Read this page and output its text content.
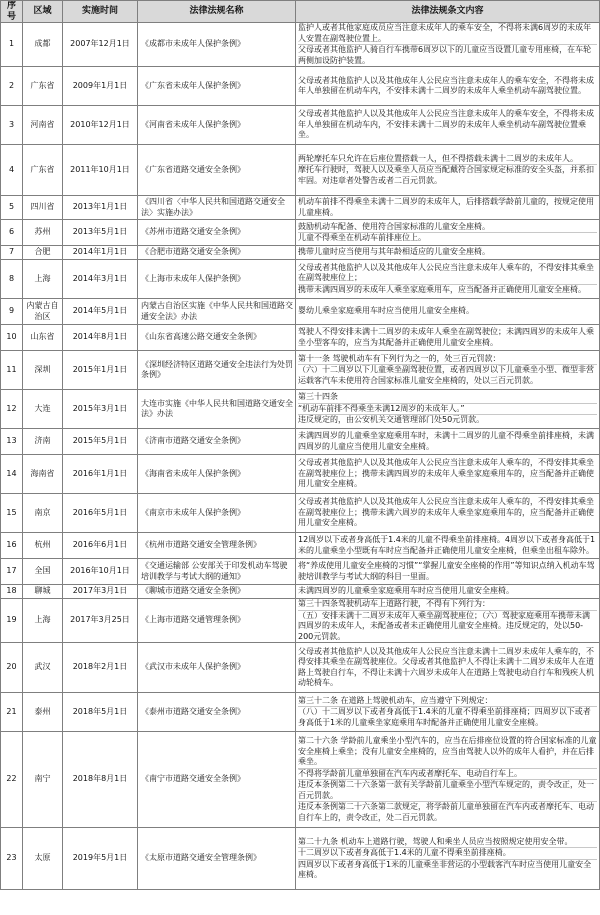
序号	区域	实施时间	法律法规名称	法律法规条文内容
1	成都	2007年12月1日	《成都市未成年人保护条例》	监护人或者其他家庭成员应当注意未成年人的乘车安全，不得将未满6周岁的未成年人安置在副驾驶位置上。
父母或者其他监护人骑自行车携带6周岁以下的儿童应当设置儿童专用座椅，在车轮两侧加设防护装置。

2	广东省	2009年1月1日	《广东省未成年人保护条例》	父母或者其他监护人以及其他成年人公民应当注意未成年人的乘车安全，不得将未成年人单独留在机动车内，不安排未满十二周岁的未成年人乘坐机动车副驾驶位置。

3	河南省	2010年12月1日	《河南省未成年人保护条例》	父母或者其他监护人以及其他成年人公民应当注意未成年人的乘车安全，不得将未成年人单独留在机动车内，不安排未满十二周岁的未成年人乘坐机动车副驾驶位置乘坐。

4	广东省	2011年10月1日	《广东省道路交通安全条例》	两轮摩托车只允许在后座位置搭载一人，但不得搭载未满十二周岁的未成年人。
摩托车行驶时，驾驶人以及乘坐人员应当配戴符合国家规定标准的安全头盔，并系扣牢固。对违章者处警告或者二百元罚款。

5	四川省	2013年1月1日	《四川省〈中华人民共和国道路交通安全法〉实施办法》	机动车前排不得乘坐未满十二周岁的未成年人，后排搭载学龄前儿童的，按规定使用儿童座椅。

6	苏州	2013年5月1日	《苏州市道路交通安全条例》	鼓励机动车配备、使用符合国家标准的儿童安全座椅。
儿童不得乘坐在机动车前排座位上。

7	合肥	2014年1月1日	《合肥市道路交通安全条例》	携带儿童时应当使用与其年龄相适应的儿童安全座椅。

8	上海	2014年3月1日	《上海市未成年人保护条例》	父母或者其他监护人以及其他成年人公民应当注意未成年人乘车的，不得安排其乘坐在副驾驶座位上；
携带未满四周岁的未成年人乘坐家庭乘用车，应当配备并正确使用儿童安全座椅。

9	内蒙古自治区	2014年5月1日	内蒙古自治区实施《中华人民共和国道路交通安全法》办法	婴幼儿乘坐家庭乘用车时应当使用儿童安全座椅。

10	山东省	2014年8月1日	《山东省高速公路交通安全条例》	驾驶人不得安排未满十二周岁的未成年人乘坐在副驾驶位；未满四周岁的未成年人乘坐小型客车的，应当为其配备并正确使用儿童安全座椅。

11	深圳	2015年1月1日	《深圳经济特区道路交通安全违法行为处罚条例》	第十一条 驾驶机动车有下列行为之一的，处三百元罚款：
（六）十二周岁以下儿童乘坐副驾驶位置，或者四周岁以下儿童乘坐小型、微型非营运载客汽车未使用符合国家标准儿童安全座椅的，处以三百元罚款。

12	大连	2015年3月1日	大连市实施《中华人民共和国道路交通安全法》办法	第三十四条
“机动车前排不得乘坐未满12周岁的未成年人。”
违反规定的，由公安机关交通管理部门处50元罚款。

13	济南	2015年5月1日	《济南市道路交通安全条例》	未满四周岁的儿童乘坐家庭乘用车时，未满十二周岁的儿童不得乘坐前排座椅，未满四周岁的儿童应当使用儿童安全座椅。

14	海南省	2016年1月1日	《海南省未成年人保护条例》	父母或者其他监护人以及其他成年人公民应当注意未成年人乘车的，不得安排其乘坐在副驾驶座位上；携带未满四周岁的未成年人乘坐家庭乘用车的，应当配备并正确使用儿童安全座椅。

15	南京	2016年5月1日	《南京市未成年人保护条例》	父母或者其他监护人以及其他成年人公民应当注意未成年人乘车的，不得安排其乘坐在副驾驶座位上；携带未满六周岁的未成年人乘坐家庭乘用车的，应当配备并正确使用儿童安全座椅。

16	杭州	2016年6月1日	《杭州市道路交通安全管理条例》	12周岁以下或者身高低于1.4米的儿童不得乘坐前排座椅。4周岁以下或者身高低于1米的儿童乘坐小型既有车时应当配备并正确使用儿童安全座椅，但乘坐出租车除外。

17	全国	2016年10月1日	《交通运输部 公安部关于印发机动车驾驶培训教学与考试大纲的通知》	将“养成使用儿童安全座椅的习惯”“掌握儿童安全座椅的作用”等知识点纳入机动车驾驶培训教学与考试大纲的科目一里面。

18	聊城	2017年3月1日	《聊城市道路交通安全条例》	未满四周岁的儿童乘坐家庭乘用车时应当使用儿童安全座椅。

19	上海	2017年3月25日	《上海市道路交通管理条例》	第三十四条驾驶机动车上道路行驶，不得有下列行为：
（五）安排未满十二周岁未成年人乘坐副驾驶座位；（六）驾驶家庭乘用车携带未满四周岁的未成年人，未配备或者未正确使用儿童安全座椅。违反规定的，处以50-200元罚款。

20	武汉	2018年2月1日	《武汉市未成年人保护条例》	父母或者其他监护人以及其他成年人公民应当注意未满十二周岁未成年人乘车的，不得安排其乘坐在副驾驶座位。父母或者其他监护人不得让未满十二周岁未成年人在道路上驾驶自行车，不得让未满十六周岁未成年人在道路上驾驶电动自行车和残疾人机动轮椅车。

21	泰州	2018年5月1日	《泰州市道路交通安全条例》	第三十二条 在道路上驾驶机动车，应当遵守下列规定：
（八）十二周岁以下或者身高低于1.4米的儿童不得乘坐前排座椅；四周岁以下或者身高低于1米的儿童乘坐家庭乘用车时配备并正确使用儿童安全座椅。

22	南宁	2018年8月1日	《南宁市道路交通安全条例》	第二十六条 学龄前儿童乘坐小型汽车的，应当在后排座位设置的符合国家标准的儿童安全座椅上乘坐；没有儿童安全座椅的，应当由驾驶人以外的成年人看护，并在后排乘坐。
不得将学龄前儿童单独留在汽车内或者摩托车、电动自行车上。
违反本条例第二十六条第一款有关学龄前儿童乘坐小型汽车规定的，责令改正，处一百元罚款。
违反本条例第二十六条第二款规定，将学龄前儿童单独留在汽车内或者摩托车、电动自行车上的，责令改正，处二百元罚款。

23	太原	2019年5月1日	《太原市道路交通安全管理条例》	第二十九条 机动车上道路行驶，驾驶人和乘坐人员应当按照规定使用安全带。
十二周岁以下或者身高低于1.4米的儿童不得乘坐前排座椅。
四周岁以下或者身高低于1米的儿童乘坐非营运的小型载客汽车时应当使用儿童安全座椅。
